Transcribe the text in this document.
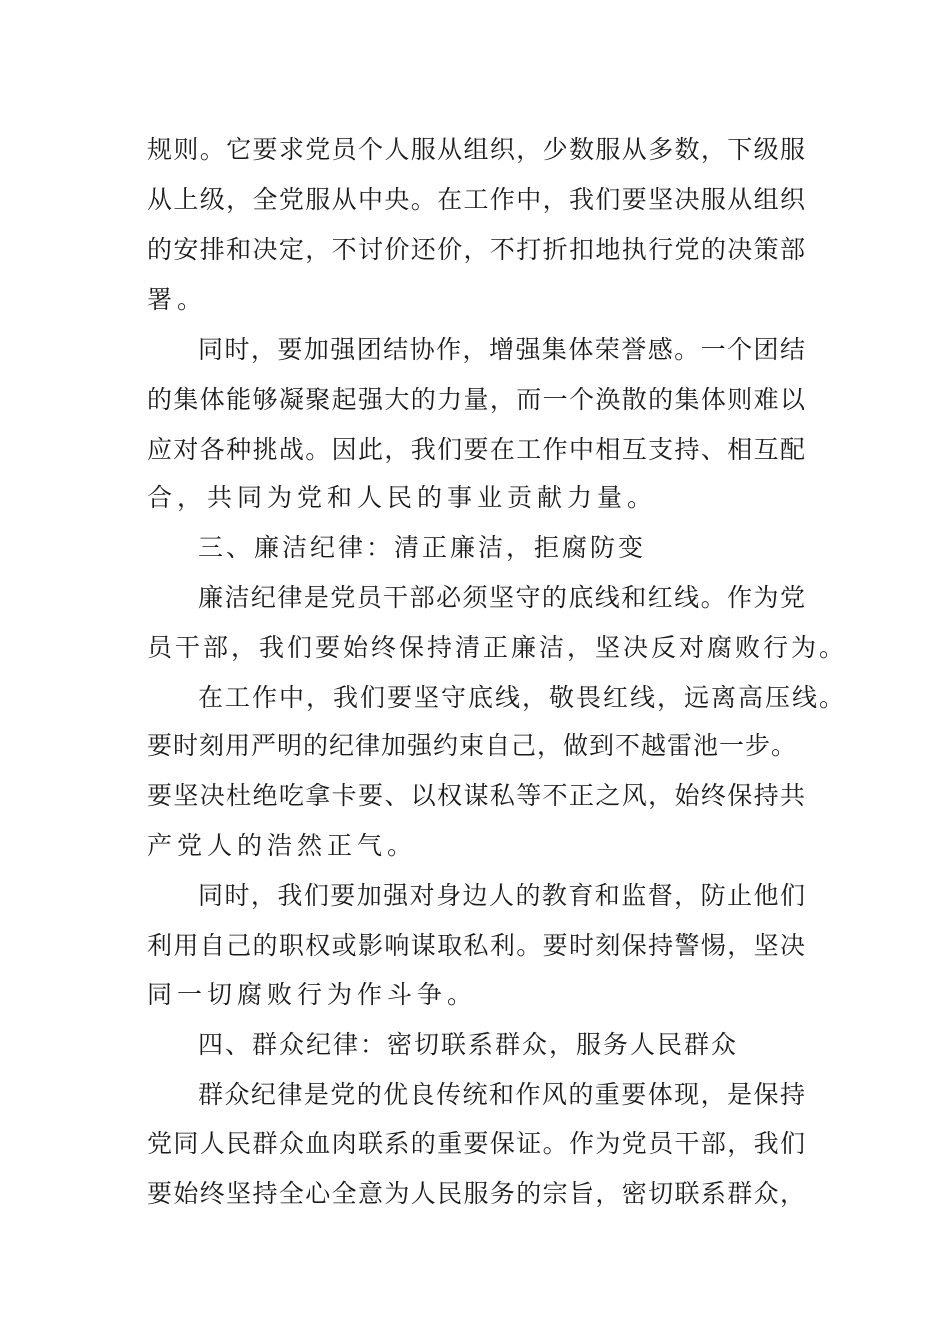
规则。它要求党员个人服从组织，少数服从多数，下级服
从上级，全党服从中央。在工作中，我们要坚决服从组织
的安排和决定，不讨价还价，不打折扣地执行党的决策部
署。
同时，要加强团结协作，增强集体荣誉感。一个团结
的集体能够凝聚起强大的力量，而一个涣散的集体则难以
应对各种挑战。因此，我们要在工作中相互支持、相互配
合，共同为党和人民的事业贡献力量。
三、廉洁纪律：清正廉洁，拒腐防变
廉洁纪律是党员干部必须坚守的底线和红线。作为党
员干部，我们要始终保持清正廉洁，坚决反对腐败行为。
在工作中，我们要坚守底线，敬畏红线，远离高压线。
要时刻用严明的纪律加强约束自己，做到不越雷池一步。
要坚决杜绝吃拿卡要、以权谋私等不正之风，始终保持共
产党人的浩然正气。
同时，我们要加强对身边人的教育和监督，防止他们
利用自己的职权或影响谋取私利。要时刻保持警惕，坚决
同一切腐败行为作斗争。
四、群众纪律：密切联系群众，服务人民群众
群众纪律是党的优良传统和作风的重要体现，是保持
党同人民群众血肉联系的重要保证。作为党员干部，我们
要始终坚持全心全意为人民服务的宗旨，密切联系群众，
